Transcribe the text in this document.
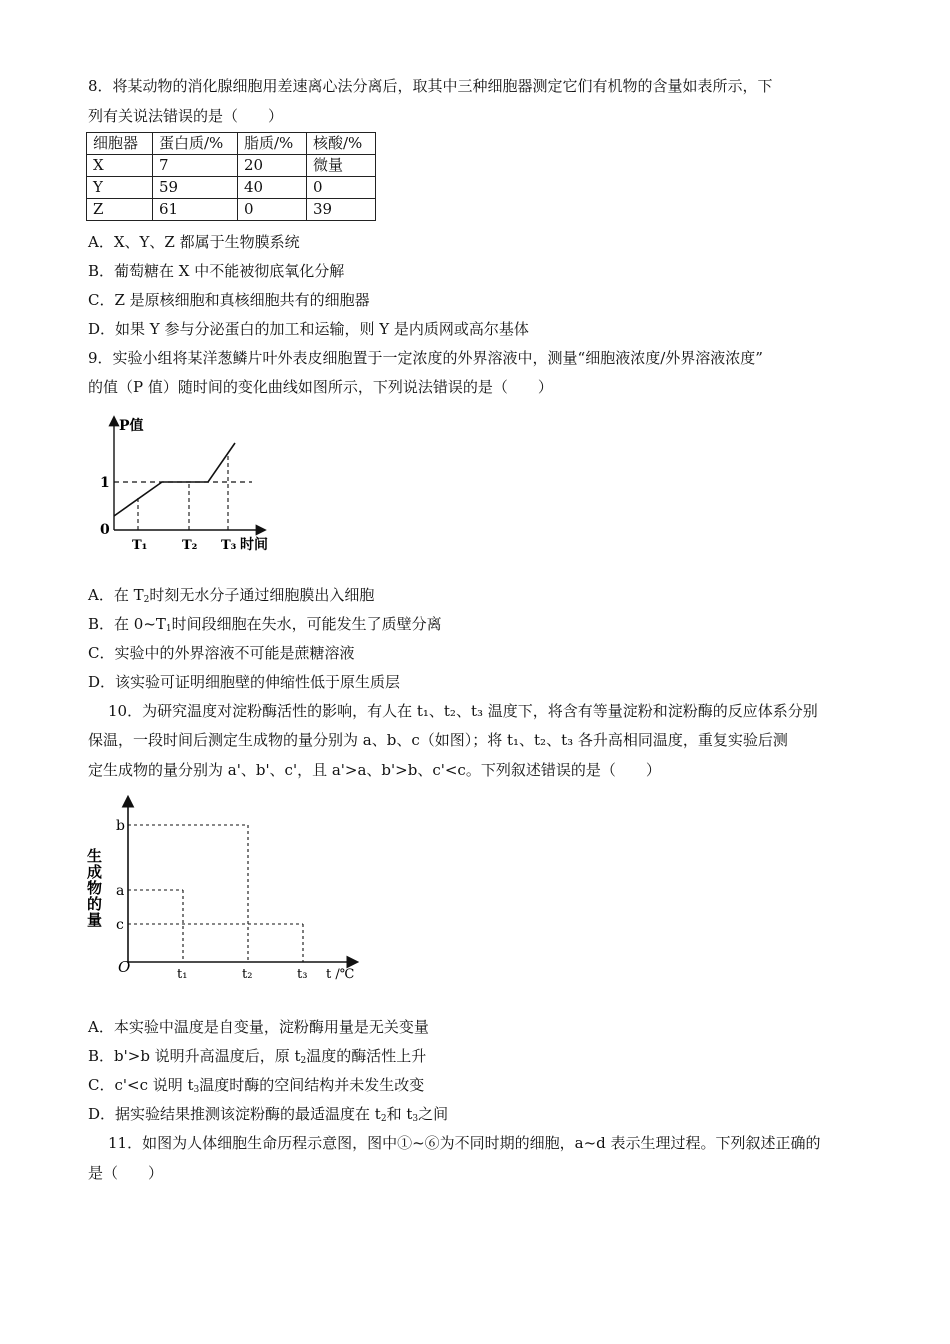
8．将某动物的消化腺细胞用差速离心法分离后，取其中三种细胞器测定它们有机物的含量如表所示，下
列有关说法错误的是（　　）
细胞器	蛋白质/%	脂质/%	核酸/%
X	7	20	微量
Y	59	40	0
Z	61	0	39
A．X、Y、Z 都属于生物膜系统
B．葡萄糖在 X 中不能被彻底氧化分解
C．Z 是原核细胞和真核细胞共有的细胞器
D．如果 Y 参与分泌蛋白的加工和运输，则 Y 是内质网或高尔基体
9．实验小组将某洋葱鳞片叶外表皮细胞置于一定浓度的外界溶液中，测量“细胞液浓度/外界溶液浓度”
的值（P 值）随时间的变化曲线如图所示，下列说法错误的是（　　）
P值
1
0
T₁	T₂ T₃ 时间
A．在 $T_2$时刻无水分子通过细胞膜出入细胞
B．在 $0\sim T_1$时间段细胞在失水，可能发生了质壁分离
C．实验中的外界溶液不可能是蔗糖溶液
D．该实验可证明细胞壁的伸缩性低于原生质层
10．为研究温度对淀粉酶活性的影响，有人在 t₁、t₂、t₃ 温度下，将含有等量淀粉和淀粉酶的反应体系分别
保温，一段时间后测定生成物的量分别为 a、b、c（如图）；将 t₁、t₂、t₃ 各升高相同温度，重复实验后测
定生成物的量分别为 a'、b'、c'，且 a'>a、b'>b、c'<c。下列叙述错误的是（　　）
b
a
c
O	t₁	t₂	t₃ t /℃
生成物的量
A．本实验中温度是自变量，淀粉酶用量是无关变量
B．b'>b 说明升高温度后，原 $t_2$温度的酶活性上升
C．c'<c 说明 $t_3$温度时酶的空间结构并未发生改变
D．据实验结果推测该淀粉酶的最适温度在 $t_2$和 $t_3$之间
11．如图为人体细胞生命历程示意图，图中①~⑥为不同时期的细胞，a~d 表示生理过程。下列叙述正确的
是（　　）
